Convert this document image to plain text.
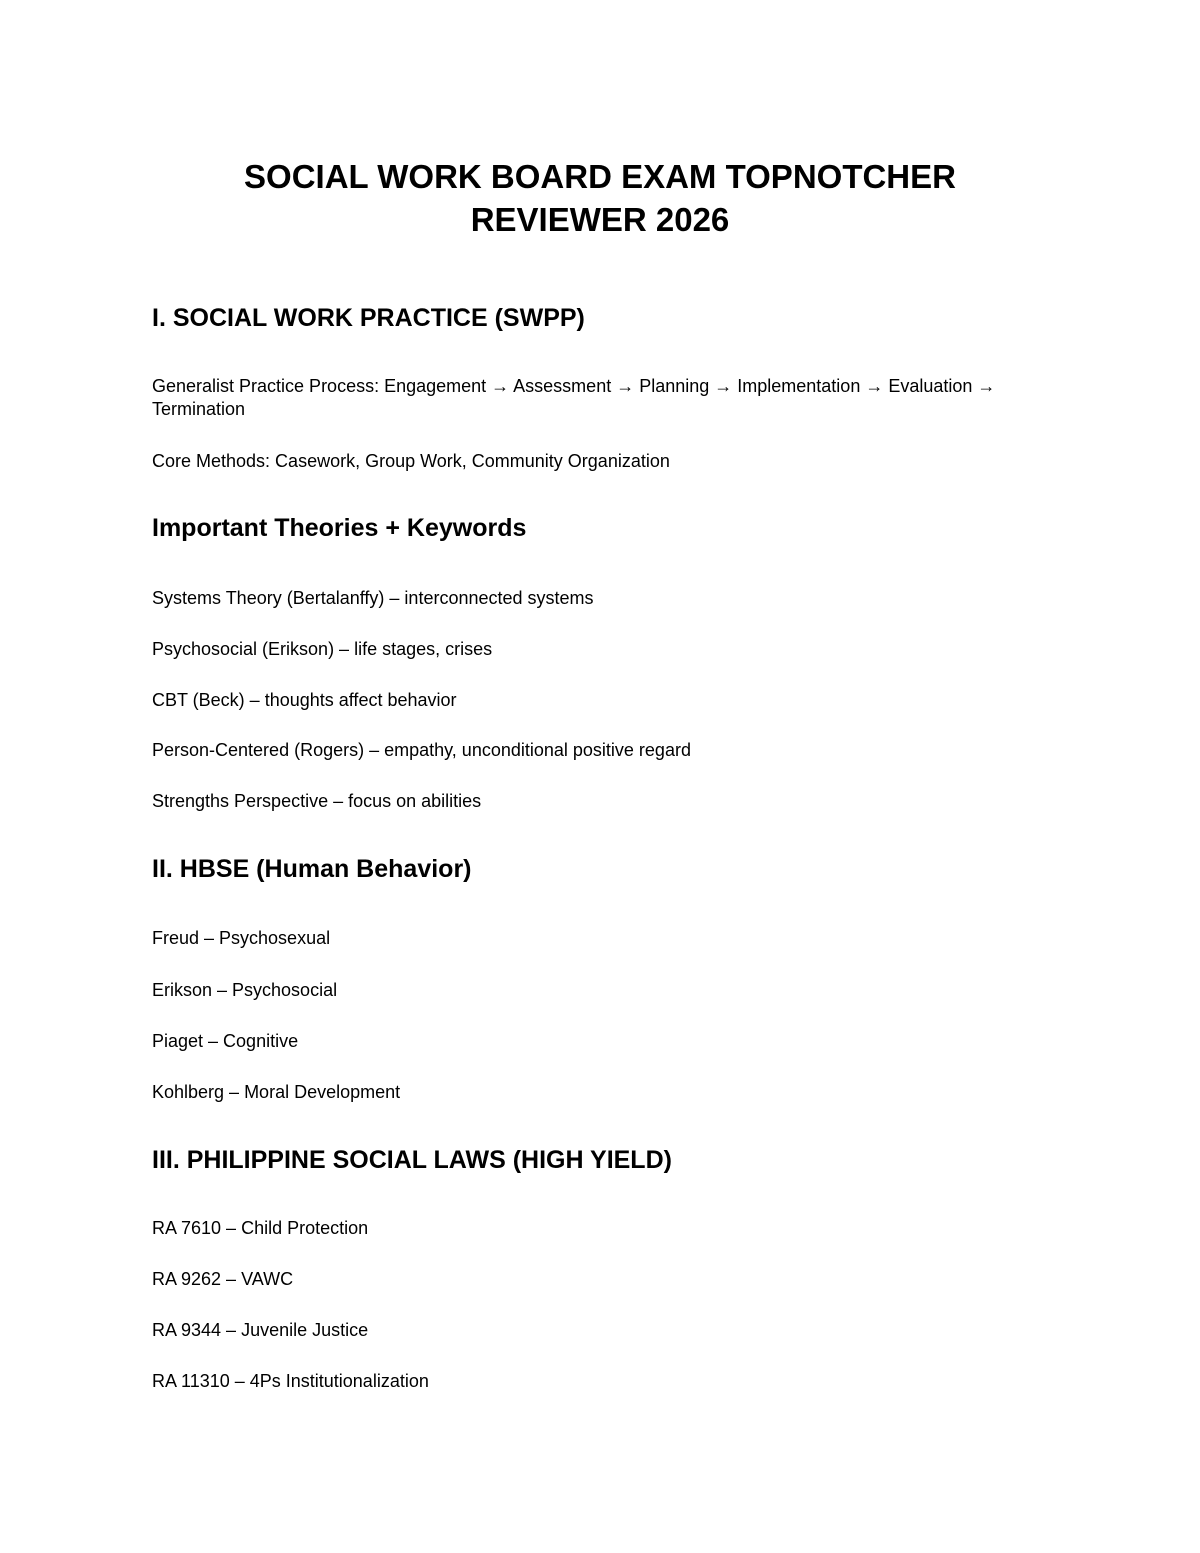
SOCIAL WORK BOARD EXAM TOPNOTCHER
REVIEWER 2026
I. SOCIAL WORK PRACTICE (SWPP)

Generalist Practice Process: Engagement → Assessment → Planning → Implementation → Evaluation → Termination

Core Methods: Casework, Group Work, Community Organization

Important Theories + Keywords

Systems Theory (Bertalanffy) – interconnected systems

Psychosocial (Erikson) – life stages, crises

CBT (Beck) – thoughts affect behavior

Person-Centered (Rogers) – empathy, unconditional positive regard

Strengths Perspective – focus on abilities

II. HBSE (Human Behavior)

Freud – Psychosexual

Erikson – Psychosocial

Piaget – Cognitive

Kohlberg – Moral Development

III. PHILIPPINE SOCIAL LAWS (HIGH YIELD)

RA 7610 – Child Protection

RA 9262 – VAWC

RA 9344 – Juvenile Justice

RA 11310 – 4Ps Institutionalization
